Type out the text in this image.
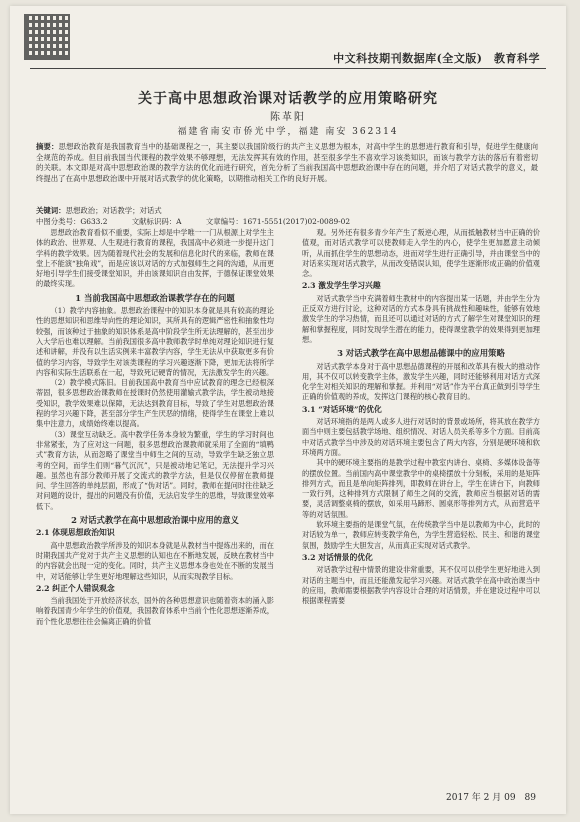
中文科技期刊数据库(全文版)　教育科学
关于高中思想政治课对话教学的应用策略研究
陈革阳
福建省南安市侨光中学，福建 南安 362314
摘要：思想政治教育是我国教育当中的基础课程之一，其主要以我国阶级行的共产主义思想为根本，对高中学生的思想进行教育和引导，促进学生健康向全规范的养成。但目前我国当代课程的教学效果不够理想，无法发挥其有效的作用，甚至很多学生不喜欢学习该类知识，而该与教学方法的落后有着密切的关联。本文即是对高中思想政治课的教学方法的优化而进行研究，首先分析了当前我国高中思想政治课中存在的问题，并介绍了对话式教学的意义，最终提出了在高中思想政治课中开展对话式教学的优化策略，以期推动相关工作的良好开展。
关键词：思想政治；对话教学；对话式
中图分类号：G633.2	文献标识码：A	文章编号：1671-5551(2017)02-0089-02

思想政治教育看似不重要，实际上却是中学唯一一门从根源上对学生主体的政治、世界观、人生观进行教育的课程，我国高中必须进一步提升这门学科的教学效果。因为随着现代社会的发展和信息化时代的来临，教师在课堂上不能演“独角戏”，而是应该以对话的方式加强师生之间的沟通，从而更好地引导学生们接受课堂知识，并由该课知识自由发挥，于德保证课堂效果的最终实现。

1 当前我国高中思想政治课教学存在的问题

（1）教学内容抽象。思想政治课程中的知识本身就是具有较高的理论性的思想知识和思维导向性的理论知识，其所具有的逻辑严密性和抽象性均较强，而该种过于抽象的知识体系是高中阶段学生所无法理解的，甚至出步入大学后也难以理解。当前我国很多高中教师教学时单纯对理论知识进行复述和讲解，并没有以生活实例来丰富教学内容，学生无法从中获取更多有价值的学习内容，导致学生对该类课程的学习兴趣逐渐下降，更加无法将所学内容和实际生活联系在一起，导致死记硬背的情况，无法激发学生的兴趣。

（2）教学模式陈旧。目前我国高中教育当中应试教育的理念已经根深蒂固，很多思想政治课教师在授课时仍然使用灌输式教学法，学生被动地接受知识，教学效果难以保障，无法达到教育目标，导致了学生对思想政治课程的学习兴趣下降，甚至部分学生产生厌恶的情绪，使得学生在课堂上难以集中注意力，成绩始终难以提高。

（3）课堂互动缺乏。高中教学任务本身较为繁重，学生的学习时间也非常紧张，为了应对这一问题，很多思想政治课教师就采用了全面的“填鸭式”教育方法，从而忽略了课堂当中师生之间的互动，导致学生缺乏独立思考的空间，而学生们则“暮气沉沉”，只是被动地记笔记，无法提升学习兴趣。虽然也有部分教师开展了交流式的教学方法，但是仅仅停留在教师提问、学生回答的单纯层面，形成了“伪对话”。同时，教师在提问时往往缺乏对问题的设计，提出的问题没有价值，无法启发学生的思维，导致课堂效率低下。

2 对话式教学在高中思想政治课中应用的意义
2.1 体现思想政治知识

高中思想政治教学所涉及的知识本身就是从教材当中提炼出来的，而在时期我国共产党对于共产主义思想的认知也在不断地发展，反映在教材当中的内容就会出现一定的变化。同时，共产主义思想本身也处在不断的发展当中，对话能够让学生更好地理解这些知识，从而实现教学目标。

2.2 纠正个人错误观念

当前我国处于开放经济状态，国外的各种思想意识也随着资本的涌入影响着我国青少年学生的价值观，我国教育体系中当前个性化思想逐渐养成，而个性化思想往往会偏离正确的价值

观。另外还有很多青少年产生了叛逆心理，从而抵触教材当中正确的价值观，而对话式教学可以使教师走入学生的内心，使学生更加愿意主动倾听，从而抓住学生的思想动态，进而对学生进行正确引导，并由课堂当中的对话来实现对话式教学，从而改变错误认知，使学生逐渐形成正确的价值观念。

2.3 激发学生学习兴趣

对话式教学当中充满着师生教材中的内容提出某一话题，并由学生分为正反双方进行讨论，这种对话的方式本身具有挑战性和趣味性，能够有效地激发学生的学习热情，而且还可以通过对话的方式了解学生对课堂知识的理解和掌握程度，同时发现学生潜在的能力，使得课堂教学的效果得到更加理想。

3 对话式教学在高中思想品德课中的应用策略

对话式教学本身对于高中思想品德课程的开展和改革具有极大的推动作用，其不仅可以转变教学主体，激发学生兴趣，同时还能够利用对话方式深化学生对相关知识的理解和掌握。并利用“对话”作为平台真正做到引导学生正确的价值观的养成，发挥这门课程的核心教育目的。

3.1 “对话环境”的优化

对话环境指的是两人或多人进行对话时的背景或场所，将其放在教学方面当中则主要包括教学场地、组织情况、对话人员关系等多个方面。目前高中对话式教学当中涉及的对话环境主要包含了两大内容，分别是硬环境和软环境两方面。

其中的硬环境主要指的是教学过程中教室内讲台、桌椅、多媒体设备等的摆放位置。当前国内高中课堂教学中的桌椅摆放十分刻板，采用的是矩阵排列方式，而且是单向矩阵排列，即教师在讲台上，学生在讲台下，向教师一致行列，这种排列方式限制了师生之间的交流，教师应当根据对话的需要，灵活调整桌椅的摆放，如采用马蹄形、圆桌形等排列方式，从而营造平等的对话氛围。

软环境主要指的是课堂气氛，在传统教学当中是以教师为中心，此时的对话较为单一，教师应转变教学角色，为学生营造轻松、民主、和谐的课堂氛围，鼓励学生大胆发言，从而真正实现对话式教学。

3.2 对话情景的优化

对话教学过程中情景的建设非常重要，其不仅可以使学生更好地进入到对话的主题当中，而且还能激发起学习兴趣。对话式教学在高中政治课当中的应用，教师需要根据教学内容设计合理的对话情景，并在建设过程中可以根据课程需要

2017 年 2 月 09　89
